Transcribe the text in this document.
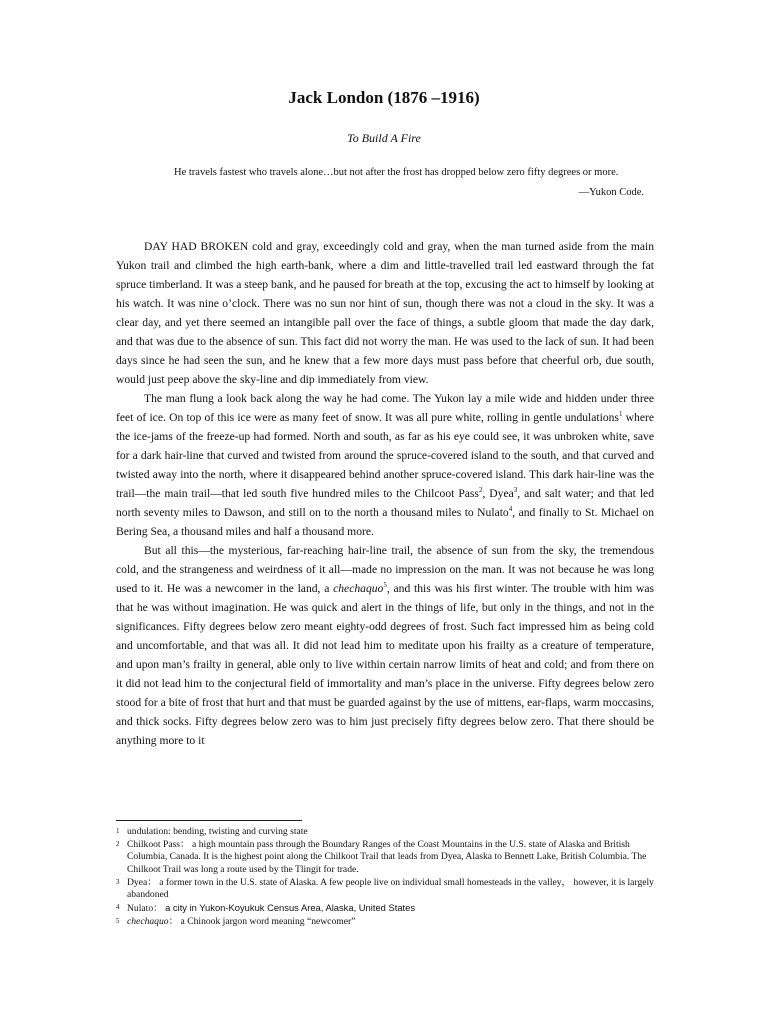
Jack London (1876 –1916)

To Build A Fire

He travels fastest who travels alone…but not after the frost has dropped below zero fifty degrees or more.

—Yukon Code.

DAY HAD BROKEN cold and gray, exceedingly cold and gray, when the man turned aside from the main Yukon trail and climbed the high earth-bank, where a dim and little-travelled trail led eastward through the fat spruce timberland. It was a steep bank, and he paused for breath at the top, excusing the act to himself by looking at his watch. It was nine o’clock. There was no sun nor hint of sun, though there was not a cloud in the sky. It was a clear day, and yet there seemed an intangible pall over the face of things, a subtle gloom that made the day dark, and that was due to the absence of sun. This fact did not worry the man. He was used to the lack of sun. It had been days since he had seen the sun, and he knew that a few more days must pass before that cheerful orb, due south, would just peep above the sky-line and dip immediately from view.

The man flung a look back along the way he had come. The Yukon lay a mile wide and hidden under three feet of ice. On top of this ice were as many feet of snow. It was all pure white, rolling in gentle undulations$^1$ where the ice-jams of the freeze-up had formed. North and south, as far as his eye could see, it was unbroken white, save for a dark hair-line that curved and twisted from around the spruce-covered island to the south, and that curved and twisted away into the north, where it disappeared behind another spruce-covered island. This dark hair-line was the trail—the main trail—that led south five hundred miles to the Chilcoot Pass$^2$, Dyea$^3$, and salt water; and that led north seventy miles to Dawson, and still on to the north a thousand miles to Nulato$^4$, and finally to St. Michael on Bering Sea, a thousand miles and half a thousand more.

But all this—the mysterious, far-reaching hair-line trail, the absence of sun from the sky, the tremendous cold, and the strangeness and weirdness of it all—made no impression on the man. It was not because he was long used to it. He was a newcomer in the land, a chechaquo$^5$, and this was his first winter. The trouble with him was that he was without imagination. He was quick and alert in the things of life, but only in the things, and not in the significances. Fifty degrees below zero meant eighty-odd degrees of frost. Such fact impressed him as being cold and uncomfortable, and that was all. It did not lead him to meditate upon his frailty as a creature of temperature, and upon man’s frailty in general, able only to live within certain narrow limits of heat and cold; and from there on it did not lead him to the conjectural field of immortality and man’s place in the universe. Fifty degrees below zero stood for a bite of frost that hurt and that must be guarded against by the use of mittens, ear-flaps, warm moccasins, and thick socks. Fifty degrees below zero was to him just precisely fifty degrees below zero. That there should be anything more to it

1 undulation: bending, twisting and curving state
2 Chilkoot Pass： a high mountain pass through the Boundary Ranges of the Coast Mountains in the U.S. state of Alaska and British Columbia, Canada. It is the highest point along the Chilkoot Trail that leads from Dyea, Alaska to Bennett Lake, British Columbia. The Chilkoot Trail was long a route used by the Tlingit for trade.
3 Dyea： a former town in the U.S. state of Alaska. A few people live on individual small homesteads in the valley， however, it is largely abandoned
4 Nulato： a city in Yukon-Koyukuk Census Area, Alaska, United States
5 chechaquo： a Chinook jargon word meaning “newcomer”
